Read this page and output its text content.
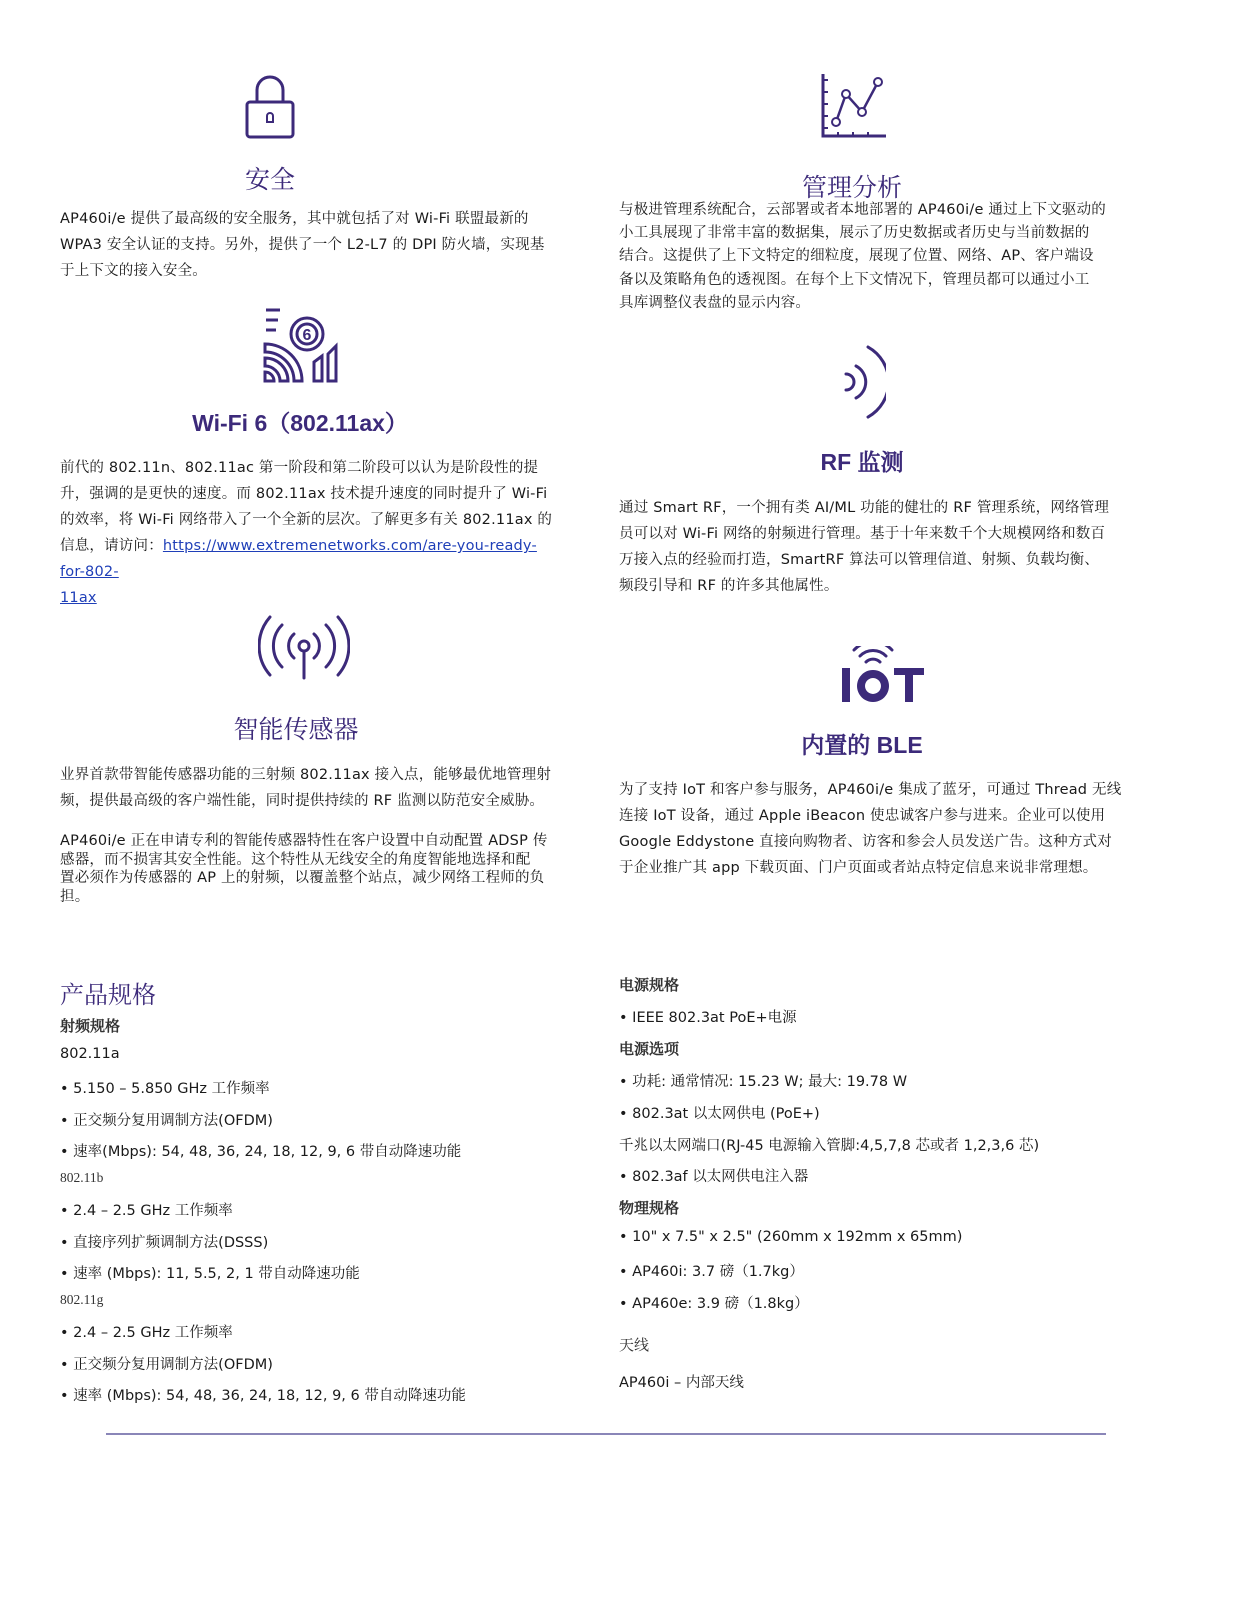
安全
AP460i/e 提供了最高级的安全服务，其中就包括了对 Wi-Fi 联盟最新的
WPA3 安全认证的支持。另外，提供了一个 L2-L7 的 DPI 防火墙，实现基
于上下文的接入安全。
管理分析
与极进管理系统配合，云部署或者本地部署的 AP460i/e 通过上下文驱动的
小工具展现了非常丰富的数据集，展示了历史数据或者历史与当前数据的
结合。这提供了上下文特定的细粒度，展现了位置、网络、AP、客户端设
备以及策略角色的透视图。在每个上下文情况下，管理员都可以通过小工
具库调整仪表盘的显示内容。
6
Wi-Fi 6（802.11ax）
前代的 802.11n、802.11ac 第一阶段和第二阶段可以认为是阶段性的提
升，强调的是更快的速度。而 802.11ax 技术提升速度的同时提升了 Wi-Fi
的效率，将 Wi-Fi 网络带入了一个全新的层次。了解更多有关 802.11ax 的
信息，请访问：https://www.extremenetworks.com/are-you-ready-for-802-
11ax
RF 监测
通过 Smart RF，一个拥有类 AI/ML 功能的健壮的 RF 管理系统，网络管理
员可以对 Wi-Fi 网络的射频进行管理。基于十年来数千个大规模网络和数百
万接入点的经验而打造，SmartRF 算法可以管理信道、射频、负载均衡、
频段引导和 RF 的许多其他属性。
智能传感器
业界首款带智能传感器功能的三射频 802.11ax 接入点，能够最优地管理射
频，提供最高级的客户端性能，同时提供持续的 RF 监测以防范安全威胁。
AP460i/e 正在申请专利的智能传感器特性在客户设置中自动配置 ADSP 传
感器，而不损害其安全性能。这个特性从无线安全的角度智能地选择和配
置必须作为传感器的 AP 上的射频，以覆盖整个站点，减少网络工程师的负
担。
内置的 BLE
为了支持 IoT 和客户参与服务，AP460i/e 集成了蓝牙，可通过 Thread 无线
连接 IoT 设备，通过 Apple iBeacon 使忠诚客户参与进来。企业可以使用
Google Eddystone 直接向购物者、访客和参会人员发送广告。这种方式对
于企业推广其 app 下载页面、门户页面或者站点特定信息来说非常理想。
产品规格
射频规格
802.11a
• 5.150 – 5.850 GHz 工作频率
• 正交频分复用调制方法(OFDM)
• 速率(Mbps): 54, 48, 36, 24, 18, 12, 9, 6 带自动降速功能
802.11b
• 2.4 – 2.5 GHz 工作频率
• 直接序列扩频调制方法(DSSS)
• 速率 (Mbps): 11, 5.5, 2, 1 带自动降速功能
802.11g
• 2.4 – 2.5 GHz 工作频率
• 正交频分复用调制方法(OFDM)
• 速率 (Mbps): 54, 48, 36, 24, 18, 12, 9, 6 带自动降速功能
电源规格
• IEEE 802.3at PoE+电源
电源选项
• 功耗: 通常情况: 15.23 W; 最大: 19.78 W
• 802.3at 以太网供电 (PoE+)
千兆以太网端口(RJ-45 电源输入管脚:4,5,7,8 芯或者 1,2,3,6 芯)
• 802.3af 以太网供电注入器
物理规格
• 10" x 7.5" x 2.5" (260mm x 192mm x 65mm)
• AP460i: 3.7 磅（1.7kg）
• AP460e: 3.9 磅（1.8kg）
天线
AP460i – 内部天线
